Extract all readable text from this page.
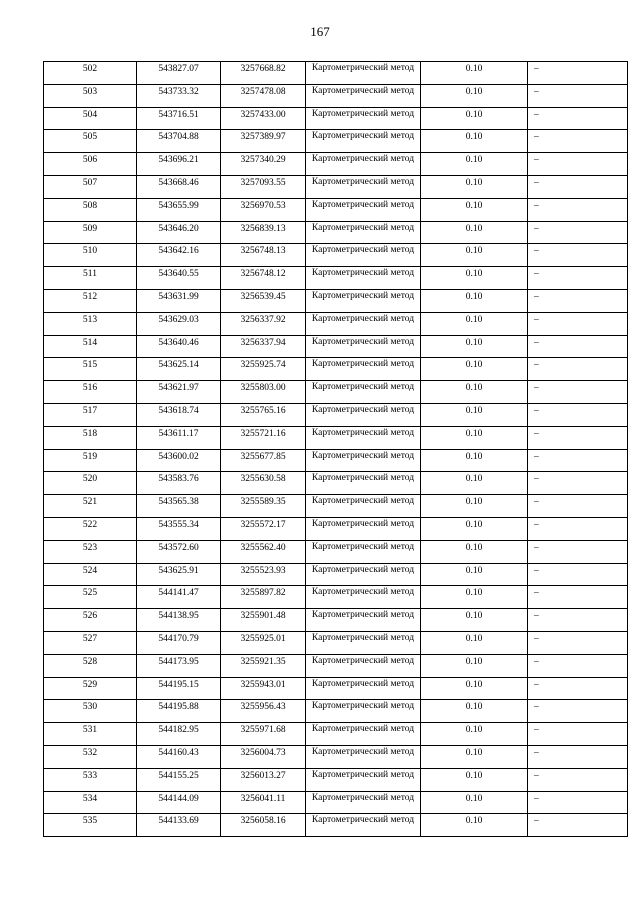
167
502	543827.07	3257668.82	Картометрический метод	0.10	–

503	543733.32	3257478.08	Картометрический метод	0.10	–

504	543716.51	3257433.00	Картометрический метод	0.10	–

505	543704.88	3257389.97	Картометрический метод	0.10	–

506	543696.21	3257340.29	Картометрический метод	0.10	–

507	543668.46	3257093.55	Картометрический метод	0.10	–

508	543655.99	3256970.53	Картометрический метод	0.10	–

509	543646.20	3256839.13	Картометрический метод	0.10	–

510	543642.16	3256748.13	Картометрический метод	0.10	–

511	543640.55	3256748.12	Картометрический метод	0.10	–

512	543631.99	3256539.45	Картометрический метод	0.10	–

513	543629.03	3256337.92	Картометрический метод	0.10	–

514	543640.46	3256337.94	Картометрический метод	0.10	–

515	543625.14	3255925.74	Картометрический метод	0.10	–

516	543621.97	3255803.00	Картометрический метод	0.10	–

517	543618.74	3255765.16	Картометрический метод	0.10	–

518	543611.17	3255721.16	Картометрический метод	0.10	–

519	543600.02	3255677.85	Картометрический метод	0.10	–

520	543583.76	3255630.58	Картометрический метод	0.10	–

521	543565.38	3255589.35	Картометрический метод	0.10	–

522	543555.34	3255572.17	Картометрический метод	0.10	–

523	543572.60	3255562.40	Картометрический метод	0.10	–

524	543625.91	3255523.93	Картометрический метод	0.10	–

525	544141.47	3255897.82	Картометрический метод	0.10	–

526	544138.95	3255901.48	Картометрический метод	0.10	–

527	544170.79	3255925.01	Картометрический метод	0.10	–

528	544173.95	3255921.35	Картометрический метод	0.10	–

529	544195.15	3255943.01	Картометрический метод	0.10	–

530	544195.88	3255956.43	Картометрический метод	0.10	–

531	544182.95	3255971.68	Картометрический метод	0.10	–

532	544160.43	3256004.73	Картометрический метод	0.10	–

533	544155.25	3256013.27	Картометрический метод	0.10	–

534	544144.09	3256041.11	Картометрический метод	0.10	–

535	544133.69	3256058.16	Картометрический метод	0.10	–
